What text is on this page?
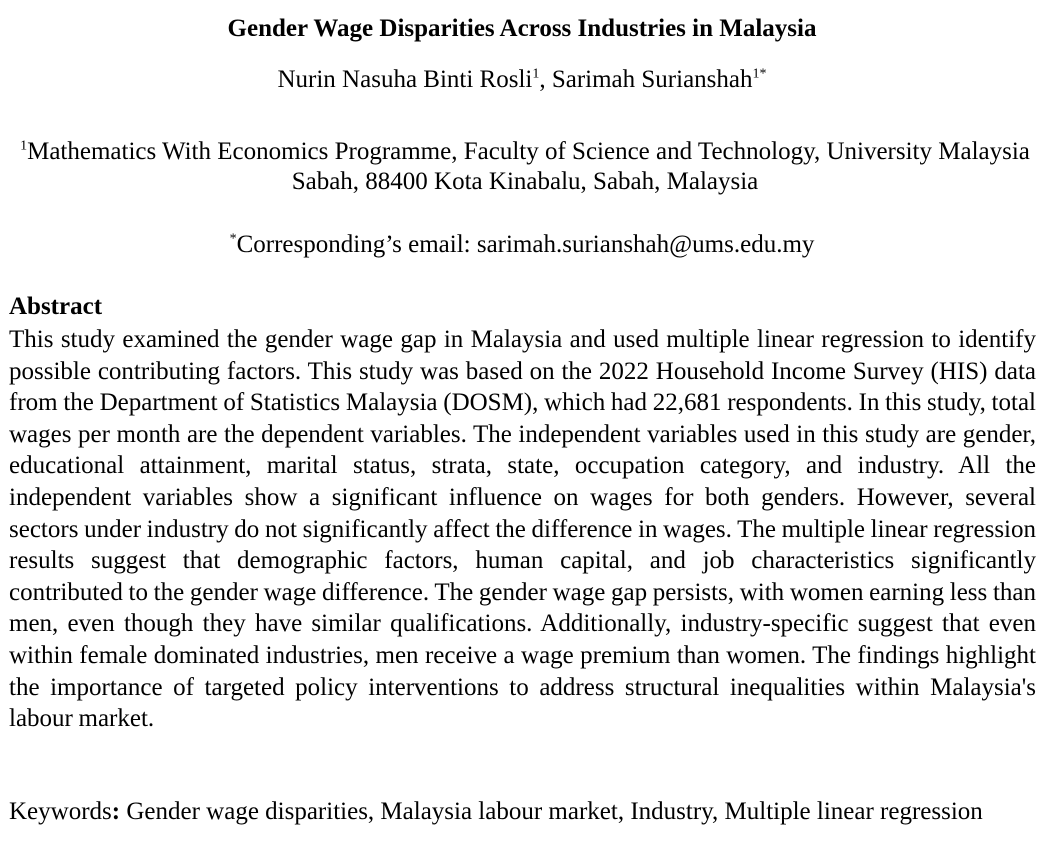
Gender Wage Disparities Across Industries in Malaysia
Nurin Nasuha Binti Rosli$^1$, Sarimah Surianshah$^{1*}$
$^1$Mathematics With Economics Programme, Faculty of Science and Technology, University Malaysia Sabah, 88400 Kota Kinabalu, Sabah, Malaysia
*Corresponding’s email: sarimah.surianshah@ums.edu.my
Abstract
This study examined the gender wage gap in Malaysia and used multiple linear regression to identify possible contributing factors. This study was based on the 2022 Household Income Survey (HIS) data from the Department of Statistics Malaysia (DOSM), which had 22,681 respondents. In this study, total wages per month are the dependent variables. The independent variables used in this study are gender, educational attainment, marital status, strata, state, occupation category, and industry. All the independent variables show a significant influence on wages for both genders. However, several sectors under industry do not significantly affect the difference in wages. The multiple linear regression results suggest that demographic factors, human capital, and job characteristics significantly contributed to the gender wage difference. The gender wage gap persists, with women earning less than men, even though they have similar qualifications. Additionally, industry-specific suggest that even within female dominated industries, men receive a wage premium than women. The findings highlight the importance of targeted policy interventions to address structural inequalities within Malaysia's labour market.
Keywords: Gender wage disparities, Malaysia labour market, Industry, Multiple linear regression
